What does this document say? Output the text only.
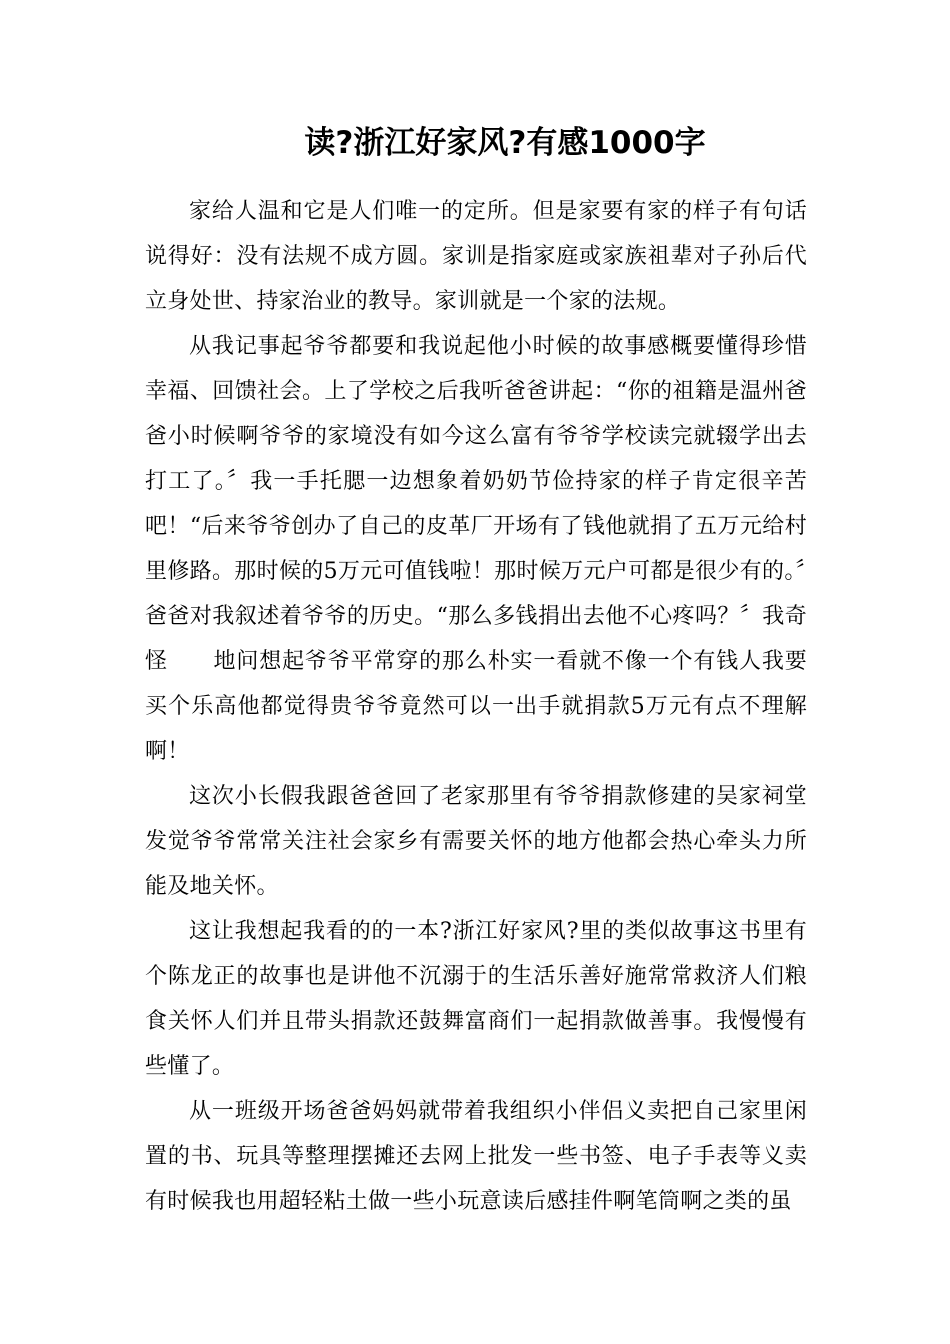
读?浙江好家风?有感1000字

家给人温和它是人们唯一的定所。但是家要有家的样子有句话说得好：没有法规不成方圆。家训是指家庭或家族祖辈对子孙后代立身处世、持家治业的教导。家训就是一个家的法规。

从我记事起爷爷都要和我说起他小时候的故事感概要懂得珍惜幸福、回馈社会。上了学校之后我听爸爸讲起：“你的祖籍是温州爸爸小时候啊爷爷的家境没有如今这么富有爷爷学校读完就辍学出去打工了。〞我一手托腮一边想象着奶奶节俭持家的样子肯定很辛苦吧！“后来爷爷创办了自己的皮革厂开场有了钱他就捐了五万元给村里修路。那时候的5万元可值钱啦！那时候万元户可都是很少有的。〞爸爸对我叙述着爷爷的历史。“那么多钱捐出去他不心疼吗？〞我奇怪　　地问想起爷爷平常穿的那么朴实一看就不像一个有钱人我要买个乐高他都觉得贵爷爷竟然可以一出手就捐款5万元有点不理解啊！

这次小长假我跟爸爸回了老家那里有爷爷捐款修建的吴家祠堂发觉爷爷常常关注社会家乡有需要关怀的地方他都会热心牵头力所能及地关怀。

这让我想起我看的的一本?浙江好家风?里的类似故事这书里有个陈龙正的故事也是讲他不沉溺于的生活乐善好施常常救济人们粮食关怀人们并且带头捐款还鼓舞富商们一起捐款做善事。我慢慢有些懂了。

从一班级开场爸爸妈妈就带着我组织小伴侣义卖把自己家里闲置的书、玩具等整理摆摊还去网上批发一些书签、电子手表等义卖有时候我也用超轻粘土做一些小玩意读后感挂件啊笔筒啊之类的虽
